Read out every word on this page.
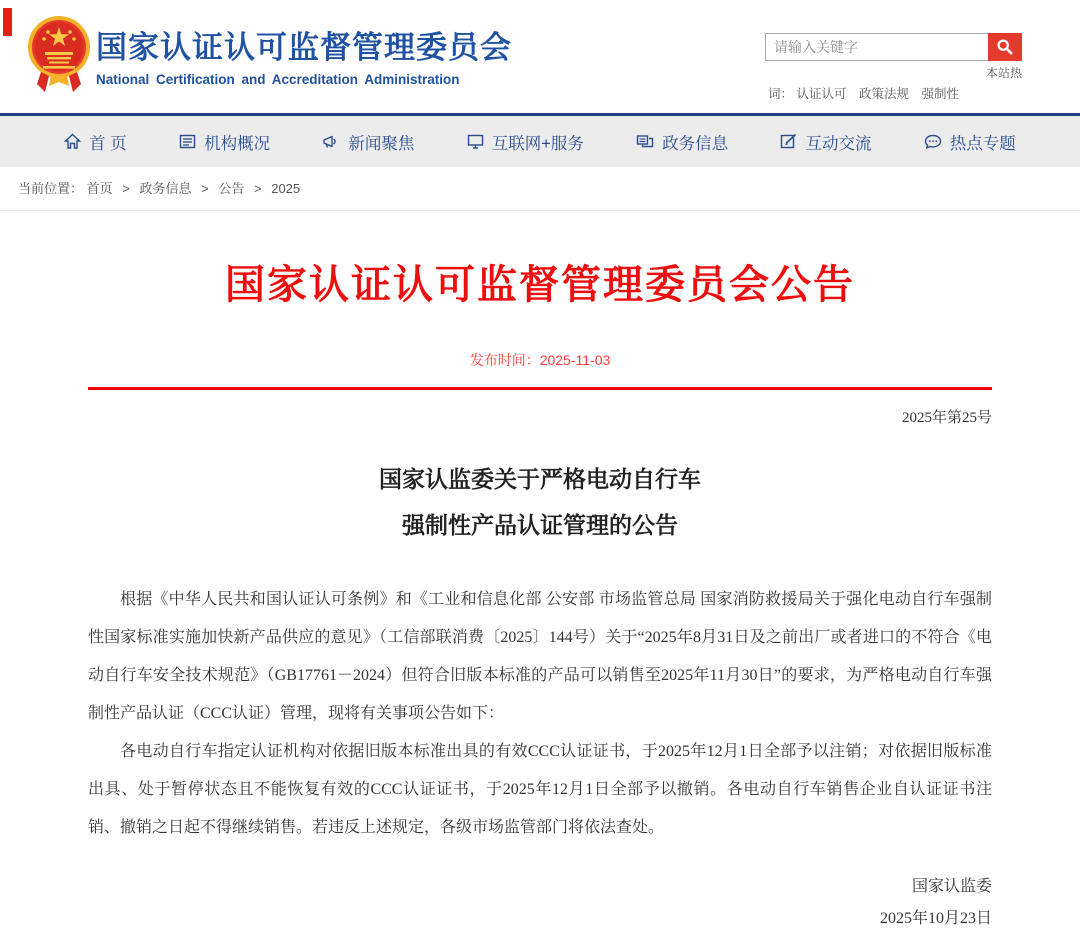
国家认证认可监督管理委员会
National Certification and Accreditation Administration
请输入关键字	本站热
词： 认证认可 政策法规 强制性
首 页	机构概况	新闻聚焦	互联网+服务	政务信息	互动交流	热点专题
当前位置： 首页 > 政务信息 > 公告 > 2025
国家认证认可监督管理委员会公告
发布时间：2025-11-03
2025年第25号
国家认监委关于严格电动自行车
强制性产品认证管理的公告

根据《中华人民共和国认证认可条例》和《工业和信息化部 公安部 市场监管总局 国家消防救援局关于强化电动自行车强制性国家标准实施加快新产品供应的意见》（工信部联消费〔2025〕144号）关于“2025年8月31日及之前出厂或者进口的不符合《电动自行车安全技术规范》（GB17761－2024）但符合旧版本标准的产品可以销售至2025年11月30日”的要求，为严格电动自行车强制性产品认证（CCC认证）管理，现将有关事项公告如下：

各电动自行车指定认证机构对依据旧版本标准出具的有效CCC认证证书，于2025年12月1日全部予以注销；对依据旧版标准出具、处于暂停状态且不能恢复有效的CCC认证证书，于2025年12月1日全部予以撤销。各电动自行车销售企业自认证证书注销、撤销之日起不得继续销售。若违反上述规定，各级市场监管部门将依法查处。

国家认监委
2025年10月23日
